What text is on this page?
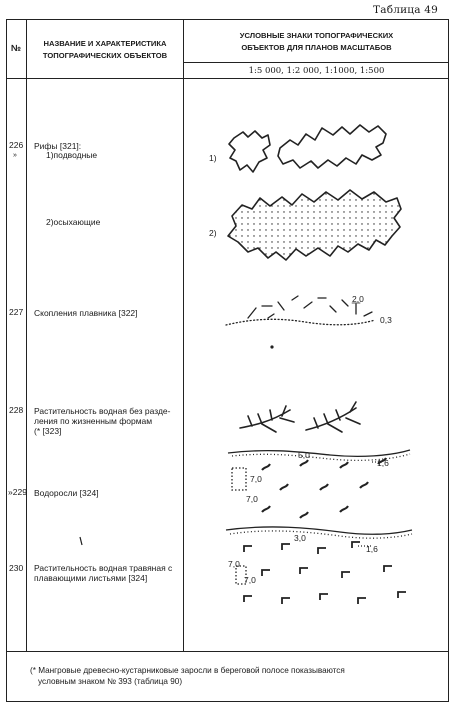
Таблица 49
№	НАЗВАНИЕ И ХАРАКТЕРИСТИКА
ТОПОГРАФИЧЕСКИХ ОБЪЕКТОВ
УСЛОВНЫЕ ЗНАКИ ТОПОГРАФИЧЕСКИХ
ОБЪЕКТОВ ДЛЯ ПЛАНОВ МАСШТАБОВ
1:5 000, 1:2 000, 1:1000, 1:500
226
»
Рифы [321]:
1)подводные
2)осыхающие
1)
2)
227 Скопления плавника [322]
228 Растительность водная без разде-
ления по жизненным формам
(* [323]
»229 Водоросли [324]
230 Растительность водная травяная с
плавающими листьями [324]
(* Мангровые древесно-кустарниковые заросли в береговой полосе показываются
условным знаком № 393 (таблица 90)
2,0
0,3
5,0
1,6
7,0
7,0
3,0
1,6
7,0
7,0
